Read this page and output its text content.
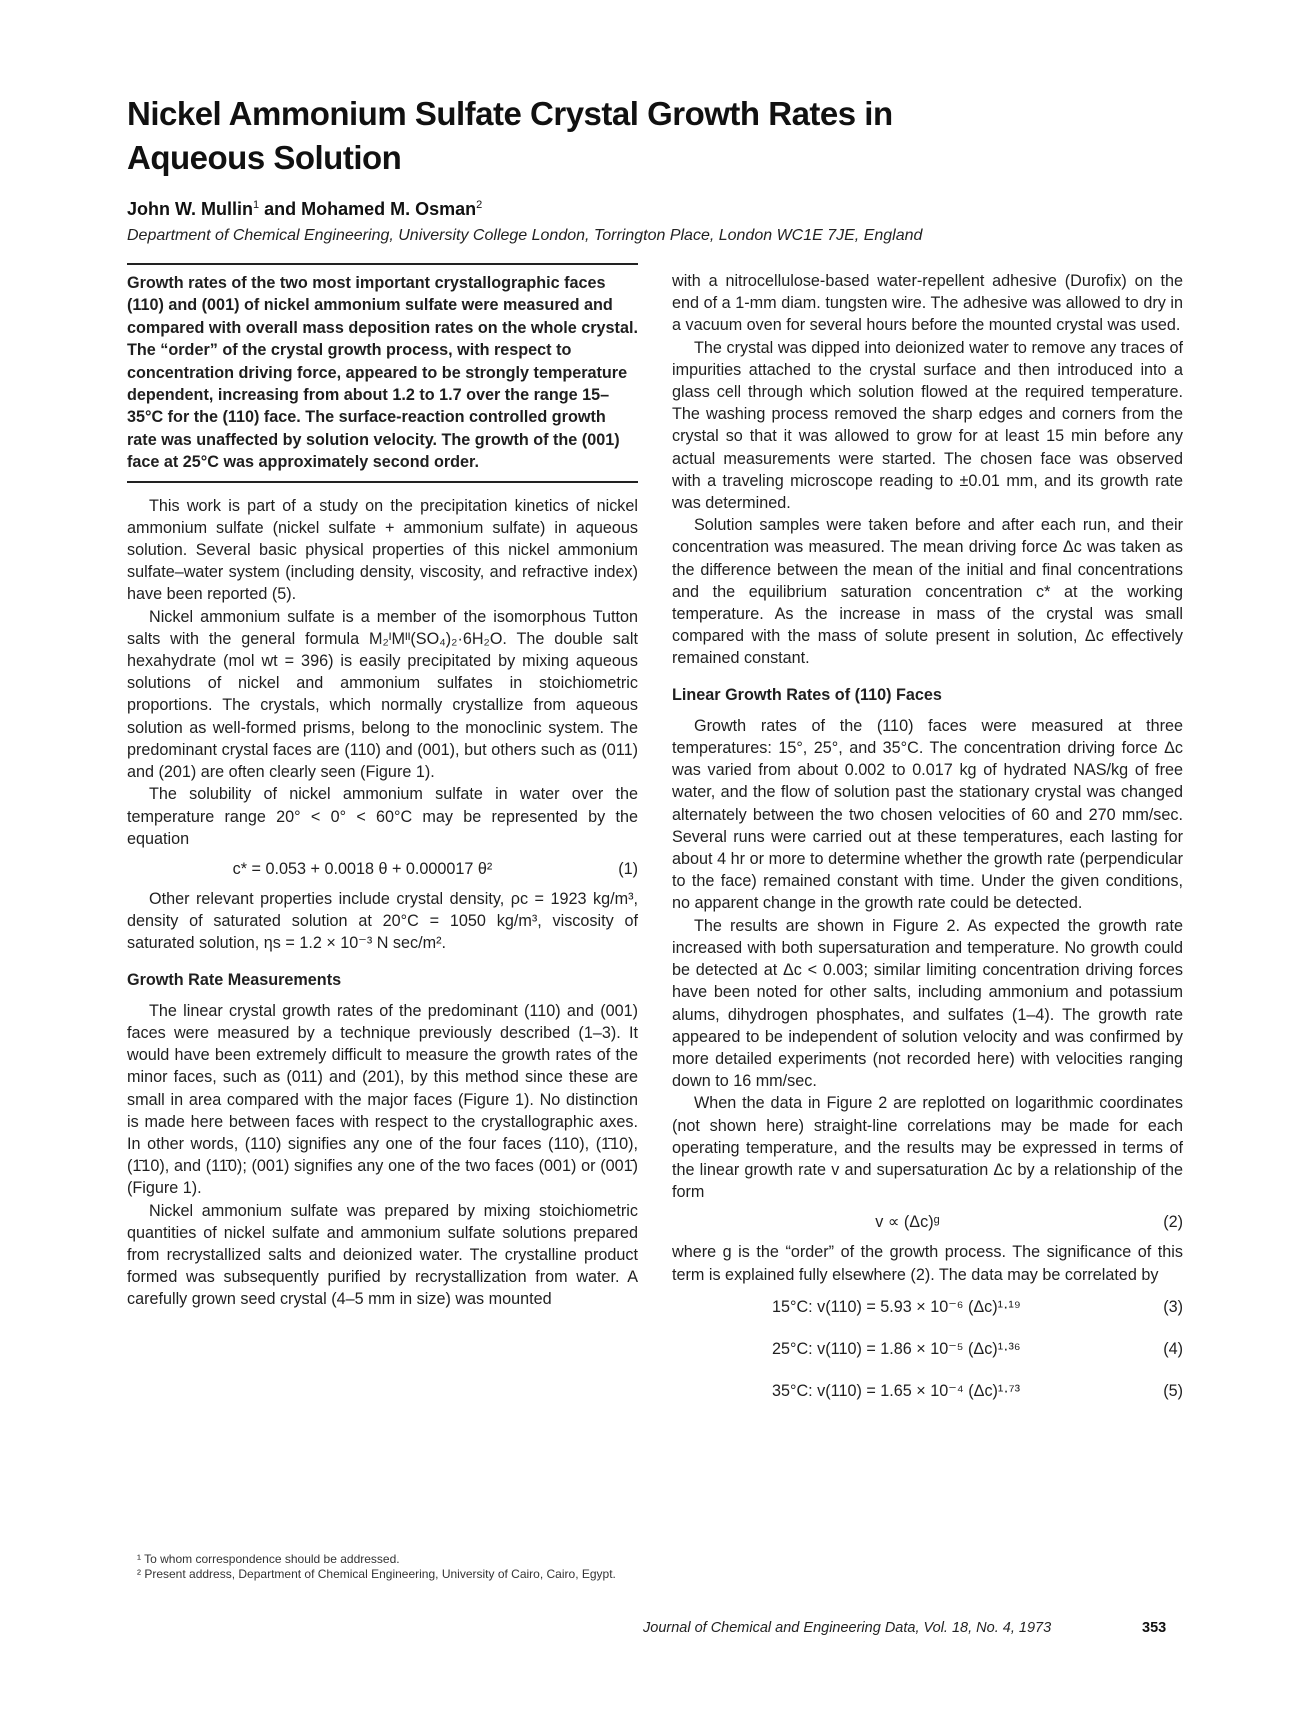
Nickel Ammonium Sulfate Crystal Growth Rates in Aqueous Solution
John W. Mullin$^1$ and Mohamed M. Osman$^2$
Department of Chemical Engineering, University College London, Torrington Place, London WC1E 7JE, England
Growth rates of the two most important crystallographic faces (110) and (001) of nickel ammonium sulfate were measured and compared with overall mass deposition rates on the whole crystal. The “order” of the crystal growth process, with respect to concentration driving force, appeared to be strongly temperature dependent, increasing from about 1.2 to 1.7 over the range 15–35°C for the (110) face. The surface-reaction controlled growth rate was unaffected by solution velocity. The growth of the (001) face at 25°C was approximately second order.

This work is part of a study on the precipitation kinetics of nickel ammonium sulfate (nickel sulfate + ammonium sulfate) in aqueous solution. Several basic physical properties of this nickel ammonium sulfate–water system (including density, viscosity, and refractive index) have been reported (5).

Nickel ammonium sulfate is a member of the isomorphous Tutton salts with the general formula M₂ᴵMᴵᴵ(SO₄)₂·6H₂O. The double salt hexahydrate (mol wt = 396) is easily precipitated by mixing aqueous solutions of nickel and ammonium sulfates in stoichiometric proportions. The crystals, which normally crystallize from aqueous solution as well-formed prisms, belong to the monoclinic system. The predominant crystal faces are (110) and (001), but others such as (011) and (201) are often clearly seen (Figure 1).

The solubility of nickel ammonium sulfate in water over the temperature range 20° < 0° < 60°C may be represented by the equation

c* = 0.053 + 0.0018 θ + 0.000017 θ²	(1)

Other relevant properties include crystal density, ρc = 1923 kg/m³, density of saturated solution at 20°C = 1050 kg/m³, viscosity of saturated solution, ηs = 1.2 × 10⁻³ N sec/m².

Growth Rate Measurements

The linear crystal growth rates of the predominant (110) and (001) faces were measured by a technique previously described (1–3). It would have been extremely difficult to measure the growth rates of the minor faces, such as (011) and (201), by this method since these are small in area compared with the major faces (Figure 1). No distinction is made here between faces with respect to the crystallographic axes. In other words, (110) signifies any one of the four faces (110), (1̄10), (1̄10), and (11̄0); (001) signifies any one of the two faces (001) or (001̄) (Figure 1).

Nickel ammonium sulfate was prepared by mixing stoichiometric quantities of nickel sulfate and ammonium sulfate solutions prepared from recrystallized salts and deionized water. The crystalline product formed was subsequently purified by recrystallization from water. A carefully grown seed crystal (4–5 mm in size) was mounted

¹ To whom correspondence should be addressed.

² Present address, Department of Chemical Engineering, University of Cairo, Cairo, Egypt.

with a nitrocellulose-based water-repellent adhesive (Durofix) on the end of a 1-mm diam. tungsten wire. The adhesive was allowed to dry in a vacuum oven for several hours before the mounted crystal was used.

The crystal was dipped into deionized water to remove any traces of impurities attached to the crystal surface and then introduced into a glass cell through which solution flowed at the required temperature. The washing process removed the sharp edges and corners from the crystal so that it was allowed to grow for at least 15 min before any actual measurements were started. The chosen face was observed with a traveling microscope reading to ±0.01 mm, and its growth rate was determined.

Solution samples were taken before and after each run, and their concentration was measured. The mean driving force Δc was taken as the difference between the mean of the initial and final concentrations and the equilibrium saturation concentration c* at the working temperature. As the increase in mass of the crystal was small compared with the mass of solute present in solution, Δc effectively remained constant.

Linear Growth Rates of (110) Faces

Growth rates of the (110) faces were measured at three temperatures: 15°, 25°, and 35°C. The concentration driving force Δc was varied from about 0.002 to 0.017 kg of hydrated NAS/kg of free water, and the flow of solution past the stationary crystal was changed alternately between the two chosen velocities of 60 and 270 mm/sec. Several runs were carried out at these temperatures, each lasting for about 4 hr or more to determine whether the growth rate (perpendicular to the face) remained constant with time. Under the given conditions, no apparent change in the growth rate could be detected.

The results are shown in Figure 2. As expected the growth rate increased with both supersaturation and temperature. No growth could be detected at Δc < 0.003; similar limiting concentration driving forces have been noted for other salts, including ammonium and potassium alums, dihydrogen phosphates, and sulfates (1–4). The growth rate appeared to be independent of solution velocity and was confirmed by more detailed experiments (not recorded here) with velocities ranging down to 16 mm/sec.

When the data in Figure 2 are replotted on logarithmic coordinates (not shown here) straight-line correlations may be made for each operating temperature, and the results may be expressed in terms of the linear growth rate v and supersaturation Δc by a relationship of the form

v ∝ (Δc)ᵍ	(2)

where g is the “order” of the growth process. The significance of this term is explained fully elsewhere (2). The data may be correlated by

15°C: v(110) = 5.93 × 10⁻⁶ (Δc)¹·¹⁹	(3)
25°C: v(110) = 1.86 × 10⁻⁵ (Δc)¹·³⁶	(4)
35°C: v(110) = 1.65 × 10⁻⁴ (Δc)¹·⁷³	(5)
Journal of Chemical and Engineering Data, Vol. 18, No. 4, 1973	353
